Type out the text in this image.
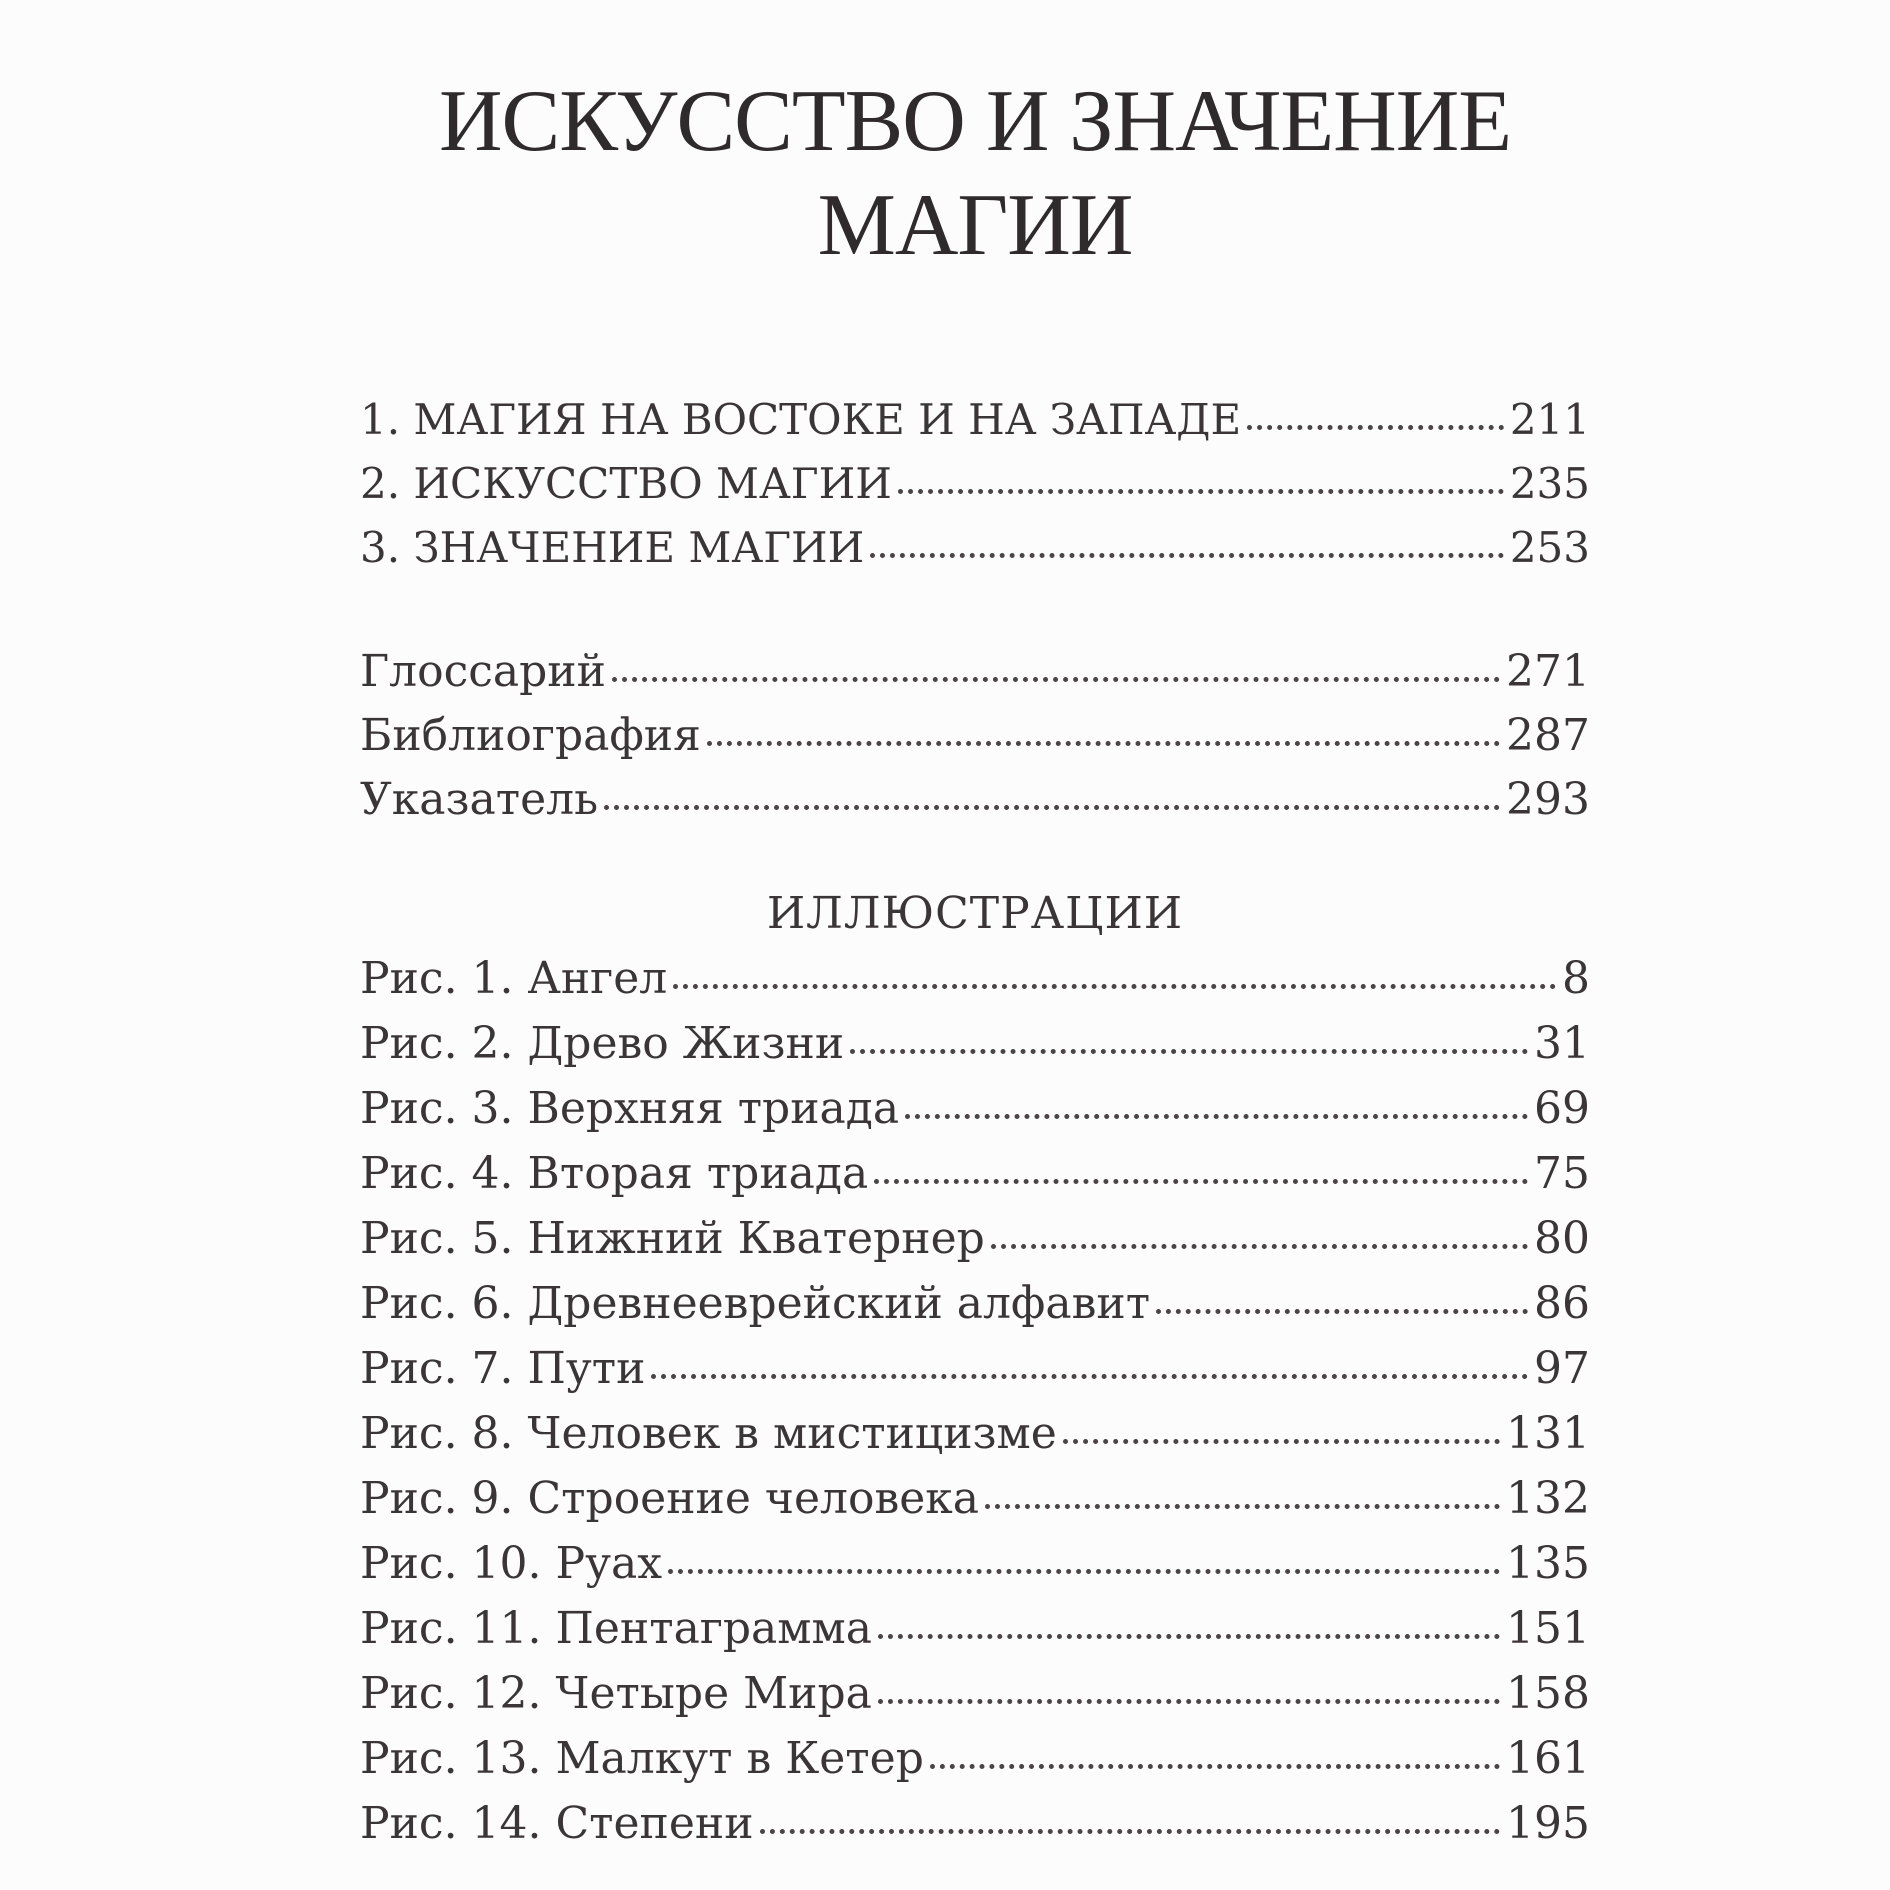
ИСКУССТВО И ЗНАЧЕНИЕ
МАГИИ
1. МАГИЯ НА ВОСТОКЕ И НА ЗАПАДЕ	211
2. ИСКУССТВО МАГИИ	235
3. ЗНАЧЕНИЕ МАГИИ	253
Глоссарий	271
Библиография	287
Указатель	293
ИЛЛЮСТРАЦИИ
Рис. 1. Ангел	8
Рис. 2. Древо Жизни	31
Рис. 3. Верхняя триада	69
Рис. 4. Вторая триада	75
Рис. 5. Нижний Кватернер	80
Рис. 6. Древнееврейский алфавит	86
Рис. 7. Пути	97
Рис. 8. Человек в мистицизме	131
Рис. 9. Строение человека	132
Рис. 10. Руах	135
Рис. 11. Пентаграмма	151
Рис. 12. Четыре Мира	158
Рис. 13. Малкут в Кетер	161
Рис. 14. Степени	195
